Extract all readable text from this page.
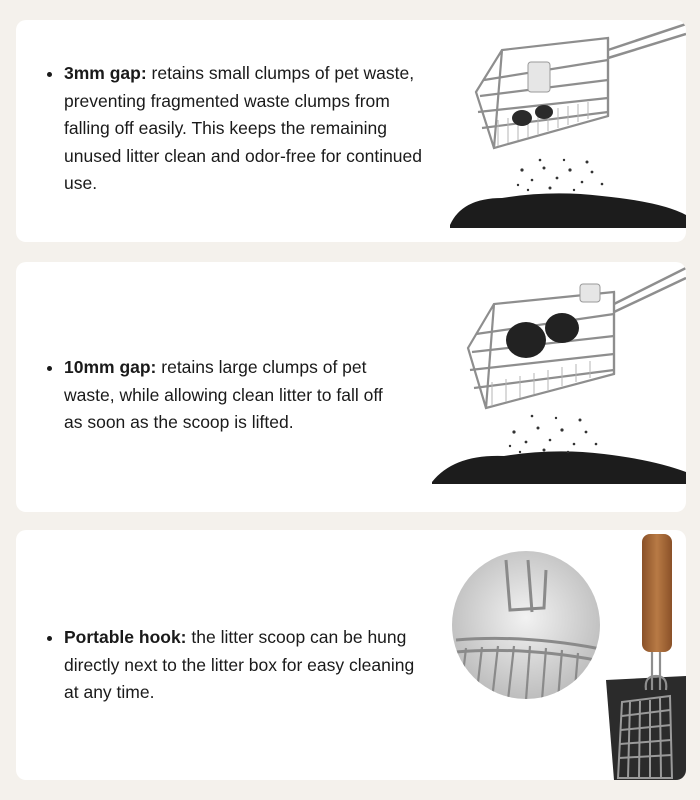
• 3mm gap: retains small clumps of pet waste, preventing fragmented waste clumps from falling off easily. This keeps the remaining unused litter clean and odor-free for continued use.
• 10mm gap: retains large clumps of pet waste, while allowing clean litter to fall off as soon as the scoop is lifted.
• Portable hook: the litter scoop can be hung directly next to the litter box for easy cleaning at any time.
